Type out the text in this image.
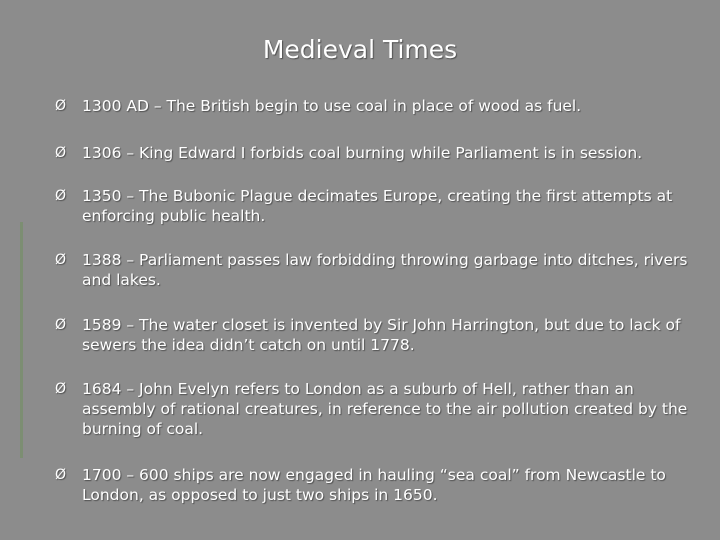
Medieval Times
Ø 1300 AD – The British begin to use coal in place of wood as fuel.
Ø 1306 – King Edward I forbids coal burning while Parliament is in session.
Ø 1350 – The Bubonic Plague decimates Europe, creating the first attempts at enforcing public health.
Ø 1388 – Parliament passes law forbidding throwing garbage into ditches, rivers and lakes.
Ø 1589 – The water closet is invented by Sir John Harrington, but due to lack of sewers the idea didn’t catch on until 1778.
Ø 1684 – John Evelyn refers to London as a suburb of Hell, rather than an assembly of rational creatures, in reference to the air pollution created by the burning of coal.
Ø 1700 – 600 ships are now engaged in hauling “sea coal” from Newcastle to London, as opposed to just two ships in 1650.
